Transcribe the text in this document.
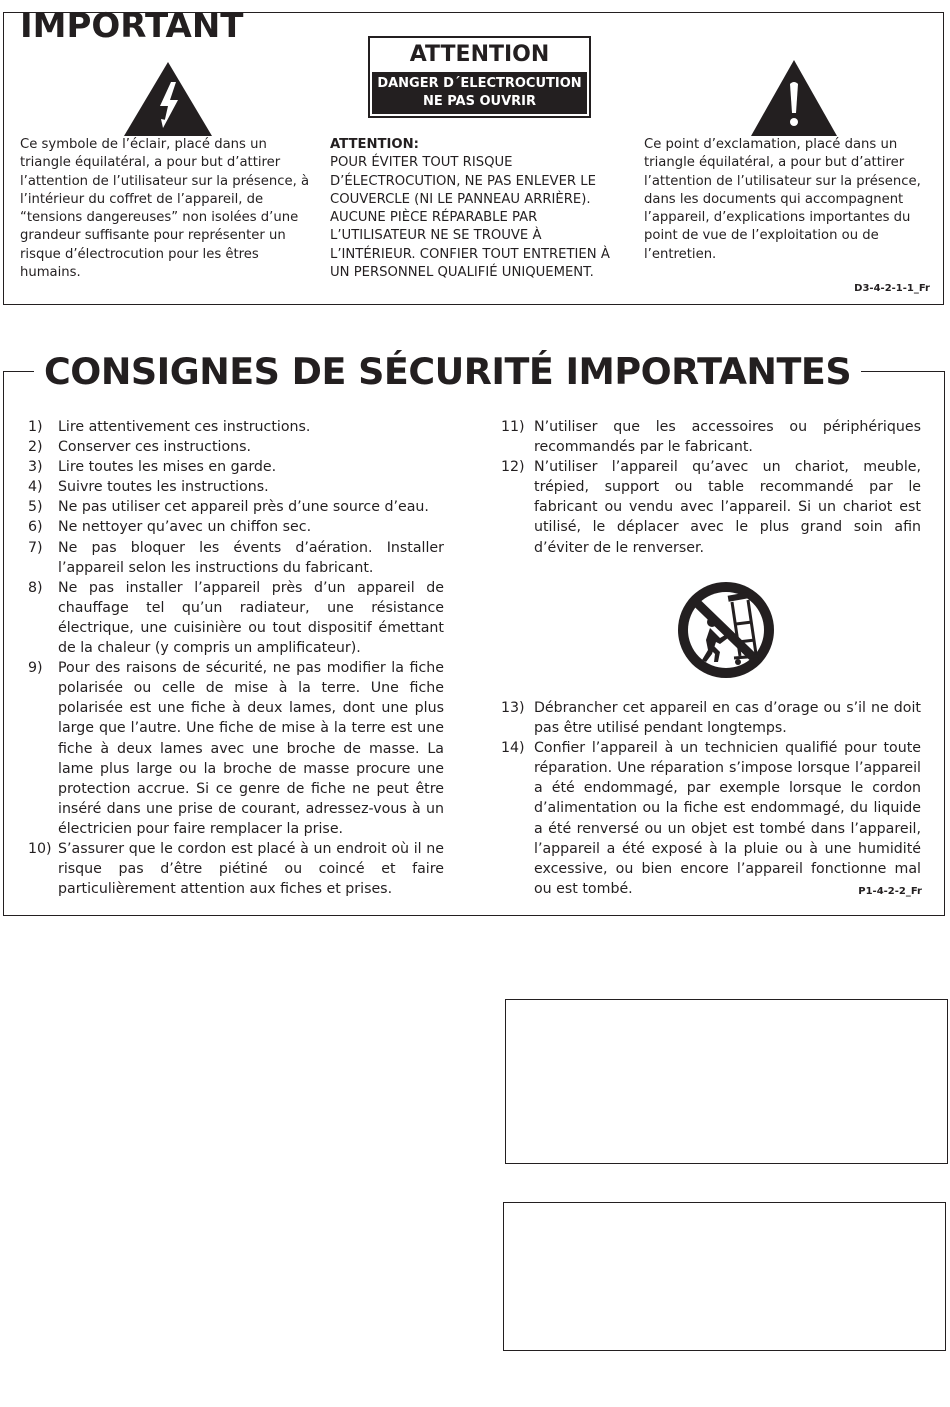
IMPORTANT
ATTENTION
DANGER D´ELECTROCUTION
NE PAS OUVRIR

Ce symbole de l’éclair, placé dans un triangle équilatéral, a pour but d’attirer l’attention de l’utilisateur sur la présence, à l’intérieur du coffret de l’appareil, de “tensions dangereuses” non isolées d’une grandeur suffisante pour représenter un risque d’électrocution pour les êtres humains.

ATTENTION:
POUR ÉVITER TOUT RISQUE D’ÉLECTROCUTION, NE PAS ENLEVER LE COUVERCLE (NI LE PANNEAU ARRIÈRE). AUCUNE PIÈCE RÉPARABLE PAR L’UTILISATEUR NE SE TROUVE À L’INTÉRIEUR. CONFIER TOUT ENTRETIEN À UN PERSONNEL QUALIFIÉ UNIQUEMENT.

Ce point d’exclamation, placé dans un triangle équilatéral, a pour but d’attirer l’attention de l’utilisateur sur la présence, dans les documents qui accompagnent l’appareil, d’explications importantes du point de vue de l’exploitation ou de l’entretien.

D3-4-2-1-1_Fr
CONSIGNES DE SÉCURITÉ IMPORTANTES
1) Lire attentivement ces instructions.
2) Conserver ces instructions.
3) Lire toutes les mises en garde.
4) Suivre toutes les instructions.
5) Ne pas utiliser cet appareil près d’une source d’eau.
6) Ne nettoyer qu’avec un chiffon sec.
7) Ne pas bloquer les évents d’aération. Installer l’appareil selon les instructions du fabricant.
8) Ne pas installer l’appareil près d’un appareil de chauffage tel qu’un radiateur, une résistance électrique, une cuisinière ou tout dispositif émettant de la chaleur (y compris un amplificateur).
9) Pour des raisons de sécurité, ne pas modifier la fiche polarisée ou celle de mise à la terre. Une fiche polarisée est une fiche à deux lames, dont une plus large que l’autre. Une fiche de mise à la terre est une fiche à deux lames avec une broche de masse. La lame plus large ou la broche de masse procure une protection accrue. Si ce genre de fiche ne peut être inséré dans une prise de courant, adressez-vous à un électricien pour faire remplacer la prise.
10) S’assurer que le cordon est placé à un endroit où il ne risque pas d’être piétiné ou coincé et faire particulièrement attention aux fiches et prises.
11) N’utiliser que les accessoires ou périphériques recommandés par le fabricant.
12) N’utiliser l’appareil qu’avec un chariot, meuble, trépied, support ou table recommandé par le fabricant ou vendu avec l’appareil. Si un chariot est utilisé, le déplacer avec le plus grand soin afin d’éviter de le renverser.
13) Débrancher cet appareil en cas d’orage ou s’il ne doit pas être utilisé pendant longtemps.
14) Confier l’appareil à un technicien qualifié pour toute réparation. Une réparation s’impose lorsque l’appareil a été endommagé, par exemple lorsque le cordon d’alimentation ou la fiche est endommagé, du liquide a été renversé ou un objet est tombé dans l’appareil, l’appareil a été exposé à la pluie ou à une humidité excessive, ou bien encore l’appareil fonctionne mal ou est tombé.	P1-4-2-2_Fr
